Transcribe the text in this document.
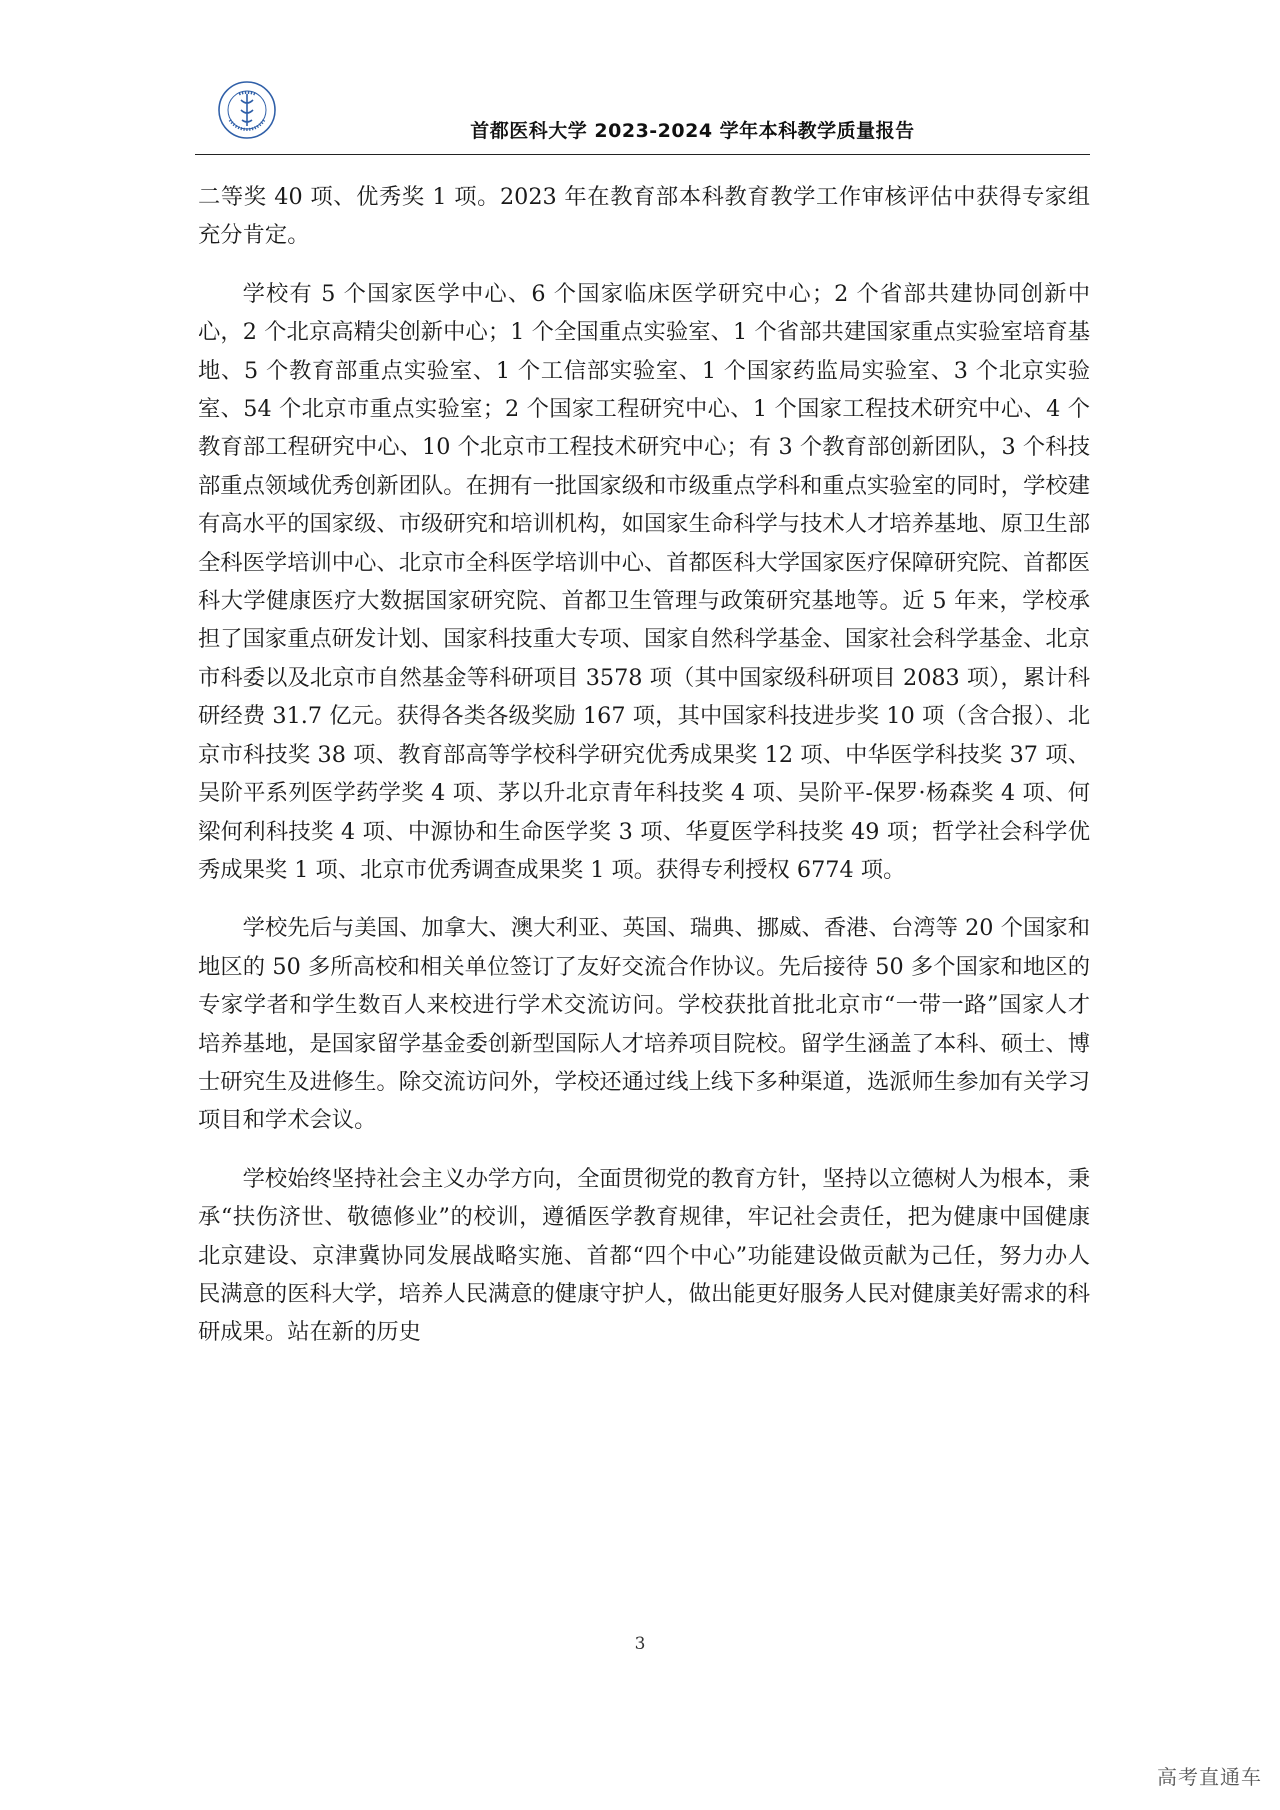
首都医科大学 2023-2024 学年本科教学质量报告

二等奖 40 项、优秀奖 1 项。2023 年在教育部本科教育教学工作审核评估中获得专家组充分肯定。

学校有 5 个国家医学中心、6 个国家临床医学研究中心；2 个省部共建协同创新中心，2 个北京高精尖创新中心；1 个全国重点实验室、1 个省部共建国家重点实验室培育基地、5 个教育部重点实验室、1 个工信部实验室、1 个国家药监局实验室、3 个北京实验室、54 个北京市重点实验室；2 个国家工程研究中心、1 个国家工程技术研究中心、4 个教育部工程研究中心、10 个北京市工程技术研究中心；有 3 个教育部创新团队，3 个科技部重点领域优秀创新团队。在拥有一批国家级和市级重点学科和重点实验室的同时，学校建有高水平的国家级、市级研究和培训机构，如国家生命科学与技术人才培养基地、原卫生部全科医学培训中心、北京市全科医学培训中心、首都医科大学国家医疗保障研究院、首都医科大学健康医疗大数据国家研究院、首都卫生管理与政策研究基地等。近 5 年来，学校承担了国家重点研发计划、国家科技重大专项、国家自然科学基金、国家社会科学基金、北京市科委以及北京市自然基金等科研项目 3578 项（其中国家级科研项目 2083 项），累计科研经费 31.7 亿元。获得各类各级奖励 167 项，其中国家科技进步奖 10 项（含合报）、北京市科技奖 38 项、教育部高等学校科学研究优秀成果奖 12 项、中华医学科技奖 37 项、吴阶平系列医学药学奖 4 项、茅以升北京青年科技奖 4 项、吴阶平-保罗·杨森奖 4 项、何梁何利科技奖 4 项、中源协和生命医学奖 3 项、华夏医学科技奖 49 项；哲学社会科学优秀成果奖 1 项、北京市优秀调查成果奖 1 项。获得专利授权 6774 项。

学校先后与美国、加拿大、澳大利亚、英国、瑞典、挪威、香港、台湾等 20 个国家和地区的 50 多所高校和相关单位签订了友好交流合作协议。先后接待 50 多个国家和地区的专家学者和学生数百人来校进行学术交流访问。学校获批首批北京市“一带一路”国家人才培养基地，是国家留学基金委创新型国际人才培养项目院校。留学生涵盖了本科、硕士、博士研究生及进修生。除交流访问外，学校还通过线上线下多种渠道，选派师生参加有关学习项目和学术会议。

学校始终坚持社会主义办学方向，全面贯彻党的教育方针，坚持以立德树人为根本，秉承“扶伤济世、敬德修业”的校训，遵循医学教育规律，牢记社会责任，把为健康中国健康北京建设、京津冀协同发展战略实施、首都“四个中心”功能建设做贡献为己任，努力办人民满意的医科大学，培养人民满意的健康守护人，做出能更好服务人民对健康美好需求的科研成果。站在新的历史

3
高考直通车
